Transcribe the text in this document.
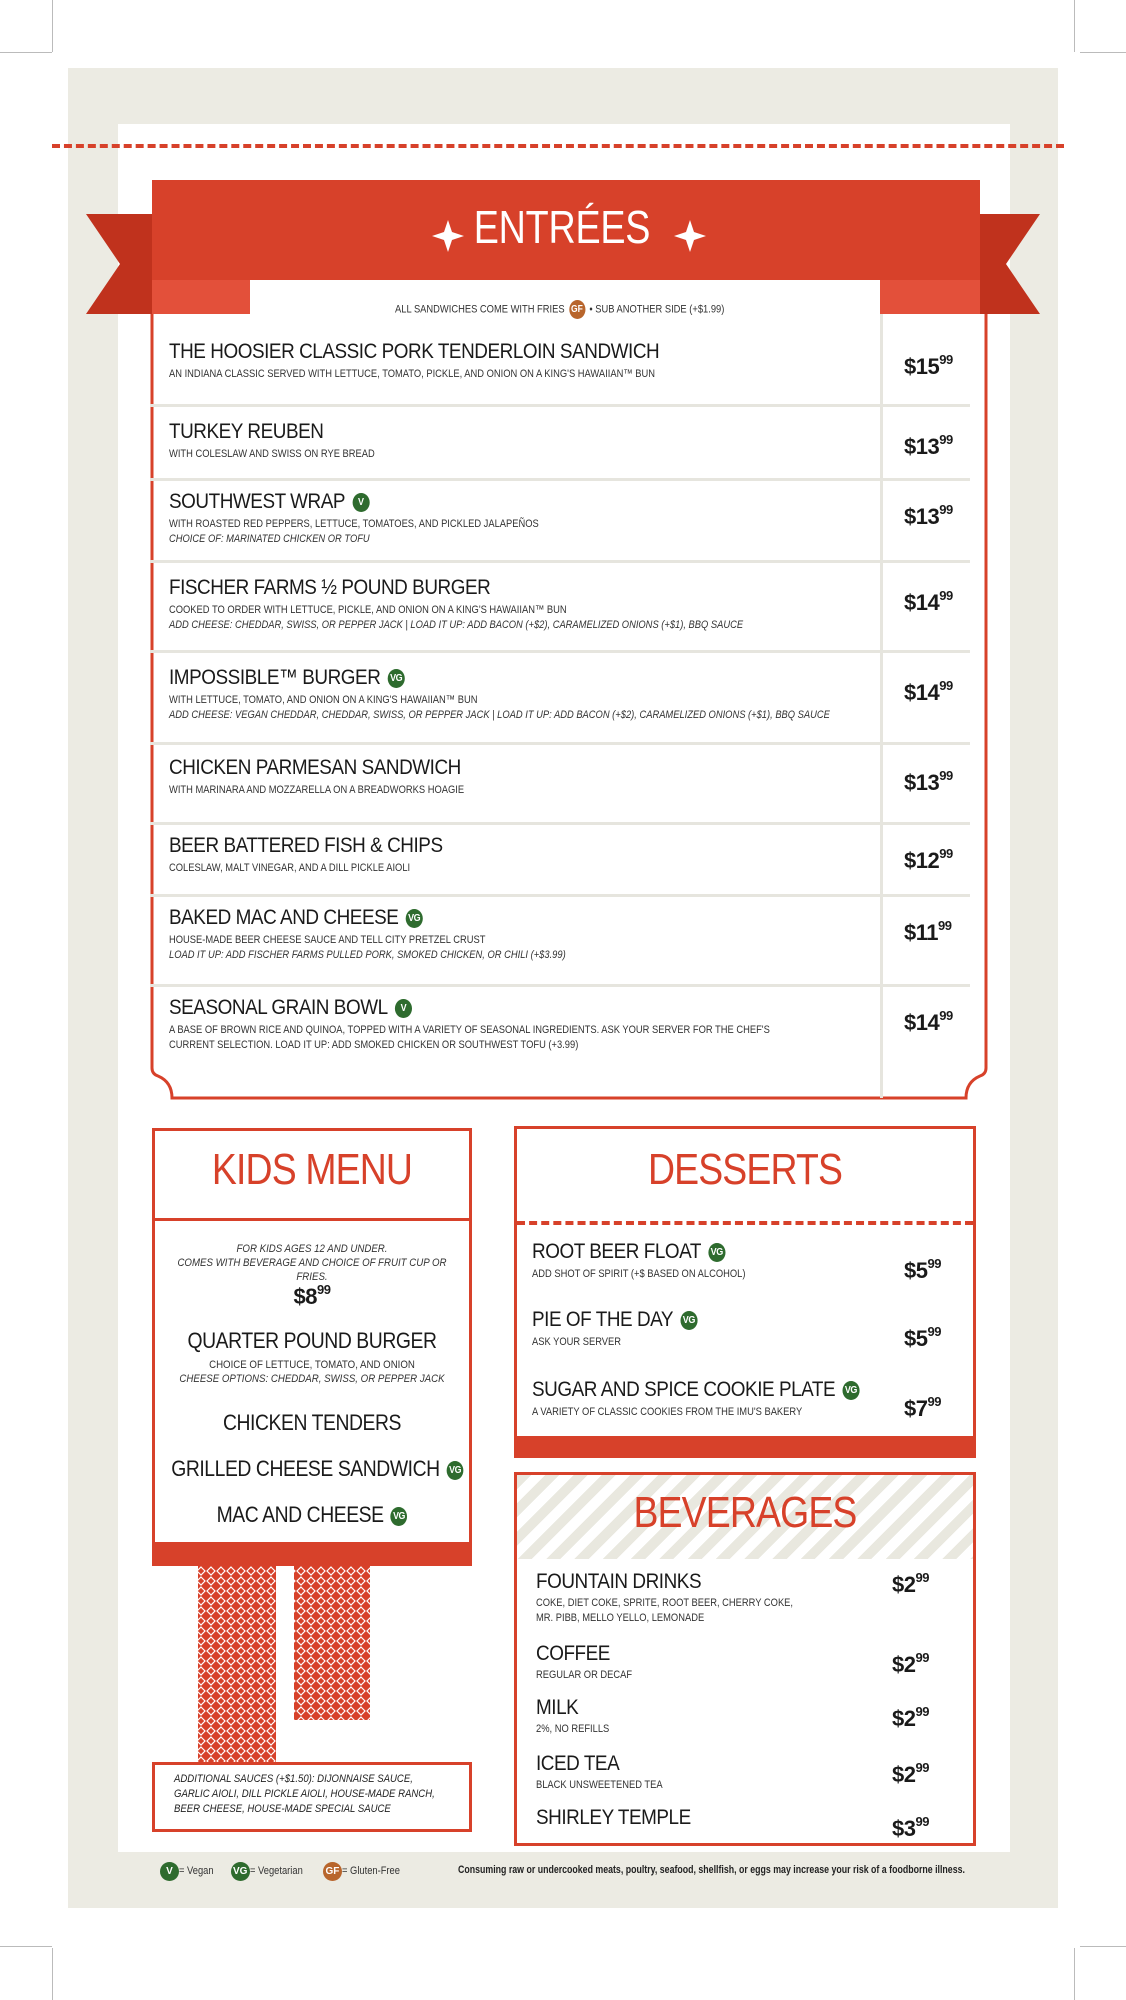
ENTRÉES
ALL SANDWICHES COME WITH FRIES GF • SUB ANOTHER SIDE (+$1.99)
THE HOOSIER CLASSIC PORK TENDERLOIN SANDWICH
AN INDIANA CLASSIC SERVED WITH LETTUCE, TOMATO, PICKLE, AND ONION ON A KING'S HAWAIIAN™ BUN	$\$15^{99}$
TURKEY REUBEN
WITH COLESLAW AND SWISS ON RYE BREAD	$\$13^{99}$
SOUTHWEST WRAP V
WITH ROASTED RED PEPPERS, LETTUCE, TOMATOES, AND PICKLED JALAPEÑOS
CHOICE OF: MARINATED CHICKEN OR TOFU
$\$13^{99}$
FISCHER FARMS ½ POUND BURGER
COOKED TO ORDER WITH LETTUCE, PICKLE, AND ONION ON A KING'S HAWAIIAN™ BUN
ADD CHEESE: CHEDDAR, SWISS, OR PEPPER JACK | LOAD IT UP: ADD BACON (+$2), CARAMELIZED ONIONS (+$1), BBQ SAUCE
$\$14^{99}$
IMPOSSIBLE™ BURGER VG
WITH LETTUCE, TOMATO, AND ONION ON A KING'S HAWAIIAN™ BUN
ADD CHEESE: VEGAN CHEDDAR, CHEDDAR, SWISS, OR PEPPER JACK | LOAD IT UP: ADD BACON (+$2), CARAMELIZED ONIONS (+$1), BBQ SAUCE
$\$14^{99}$
CHICKEN PARMESAN SANDWICH
WITH MARINARA AND MOZZARELLA ON A BREADWORKS HOAGIE	$\$13^{99}$
BEER BATTERED FISH & CHIPS
COLESLAW, MALT VINEGAR, AND A DILL PICKLE AIOLI	$\$12^{99}$
BAKED MAC AND CHEESE VG
HOUSE-MADE BEER CHEESE SAUCE AND TELL CITY PRETZEL CRUST
LOAD IT UP: ADD FISCHER FARMS PULLED PORK, SMOKED CHICKEN, OR CHILI (+$3.99)
$\$11^{99}$
SEASONAL GRAIN BOWL V
A BASE OF BROWN RICE AND QUINOA, TOPPED WITH A VARIETY OF SEASONAL INGREDIENTS. ASK YOUR SERVER FOR THE CHEF'S
CURRENT SELECTION. LOAD IT UP: ADD SMOKED CHICKEN OR SOUTHWEST TOFU (+3.99)
$\$14^{99}$
KIDS MENU
FOR KIDS AGES 12 AND UNDER.
COMES WITH BEVERAGE AND CHOICE OF FRUIT CUP OR FRIES.
$\$8^{99}$
QUARTER POUND BURGER
CHOICE OF LETTUCE, TOMATO, AND ONION
CHEESE OPTIONS: CHEDDAR, SWISS, OR PEPPER JACK
CHICKEN TENDERS
GRILLED CHEESE SANDWICH VG
MAC AND CHEESE VG
ADDITIONAL SAUCES (+$1.50): DIJONNAISE SAUCE,
GARLIC AIOLI, DILL PICKLE AIOLI, HOUSE-MADE RANCH,
BEER CHEESE, HOUSE-MADE SPECIAL SAUCE
DESSERTS
ROOT BEER FLOAT VG
ADD SHOT OF SPIRIT (+$ BASED ON ALCOHOL)	$\$5^{99}$
PIE OF THE DAY VG
ASK YOUR SERVER	$\$5^{99}$
SUGAR AND SPICE COOKIE PLATE VG
A VARIETY OF CLASSIC COOKIES FROM THE IMU'S BAKERY	$\$7^{99}$
BEVERAGES
FOUNTAIN DRINKS
COKE, DIET COKE, SPRITE, ROOT BEER, CHERRY COKE,
MR. PIBB, MELLO YELLO, LEMONADE
$\$2^{99}$
COFFEE
REGULAR OR DECAF	$\$2^{99}$
MILK
2%, NO REFILLS	$\$2^{99}$
ICED TEA
BLACK UNSWEETENED TEA	$\$2^{99}$
SHIRLEY TEMPLE	$\$3^{99}$
V = Vegan VG = Vegetarian GF = Gluten-Free	Consuming raw or undercooked meats, poultry, seafood, shellfish, or eggs may increase your risk of a foodborne illness.
